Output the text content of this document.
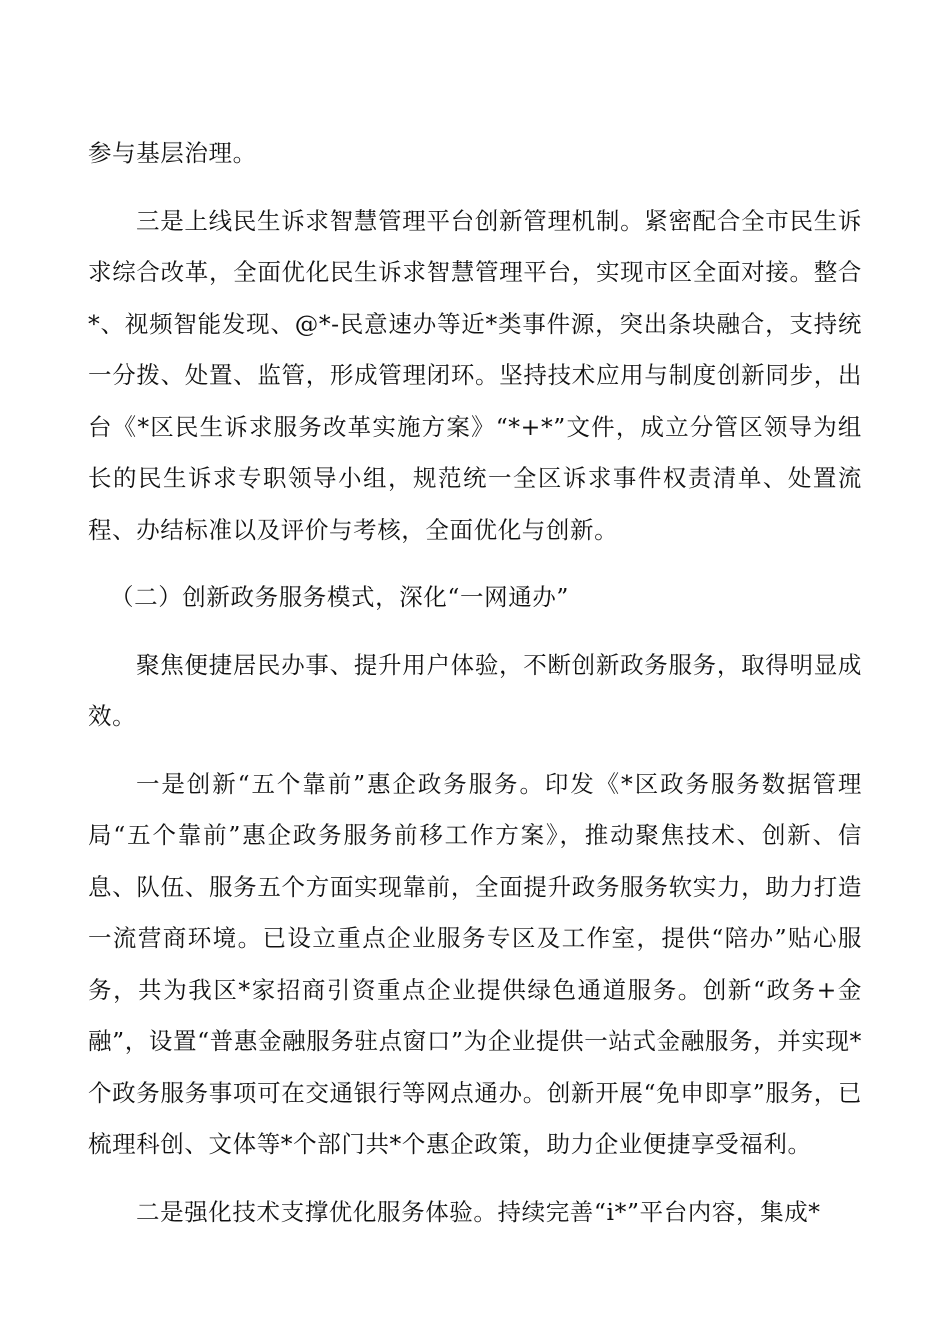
参与基层治理。

三是上线民生诉求智慧管理平台创新管理机制。紧密配合全市民生诉求综合改革，全面优化民生诉求智慧管理平台，实现市区全面对接。整合*、视频智能发现、@*-民意速办等近*类事件源，突出条块融合，支持统一分拨、处置、监管，形成管理闭环。坚持技术应用与制度创新同步，出台《*区民生诉求服务改革实施方案》“*+*”文件，成立分管区领导为组长的民生诉求专职领导小组，规范统一全区诉求事件权责清单、处置流程、办结标准以及评价与考核，全面优化与创新。

（二）创新政务服务模式，深化“一网通办”

聚焦便捷居民办事、提升用户体验，不断创新政务服务，取得明显成效。

一是创新“五个靠前”惠企政务服务。印发《*区政务服务数据管理局“五个靠前”惠企政务服务前移工作方案》，推动聚焦技术、创新、信息、队伍、服务五个方面实现靠前，全面提升政务服务软实力，助力打造一流营商环境。已设立重点企业服务专区及工作室，提供“陪办”贴心服务，共为我区*家招商引资重点企业提供绿色通道服务。创新“政务+金融”，设置“普惠金融服务驻点窗口”为企业提供一站式金融服务，并实现*个政务服务事项可在交通银行等网点通办。创新开展“免申即享”服务，已梳理科创、文体等*个部门共*个惠企政策，助力企业便捷享受福利。

二是强化技术支撑优化服务体验。持续完善“i*”平台内容，集成*
